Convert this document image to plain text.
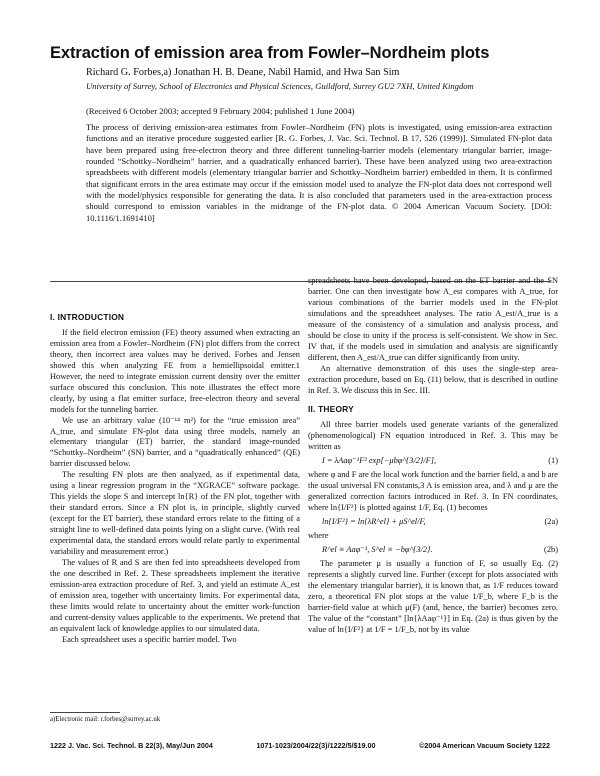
Extraction of emission area from Fowler–Nordheim plots
Richard G. Forbes,a) Jonathan H. B. Deane, Nabil Hamid, and Hwa San Sim
University of Surrey, School of Electronics and Physical Sciences, Guildford, Surrey GU2 7XH, United Kingdom
(Received 6 October 2003; accepted 9 February 2004; published 1 June 2004)
The process of deriving emission-area estimates from Fowler–Nordheim (FN) plots is investigated, using emission-area extraction functions and an iterative procedure suggested earlier [R. G. Forbes, J. Vac. Sci. Technol. B 17, 526 (1999)]. Simulated FN-plot data have been prepared using free-electron theory and three different tunneling-barrier models (elementary triangular barrier, image-rounded “Schottky–Nordheim” barrier, and a quadratically enhanced barrier). These have been analyzed using two area-extraction spreadsheets with different models (elementary triangular barrier and Schottky–Nordheim barrier) embedded in them. It is confirmed that significant errors in the area estimate may occur if the emission model used to analyze the FN-plot data does not correspond well with the model/physics responsible for generating the data. It is also concluded that parameters used in the area-extraction process should correspond to emission variables in the midrange of the FN-plot data. © 2004 American Vacuum Society. [DOI: 10.1116/1.1691410]
I. INTRODUCTION

If the field electron emission (FE) theory assumed when extracting an emission area from a Fowler–Nordheim (FN) plot differs from the correct theory, then incorrect area values may be derived. Forbes and Jensen showed this when analyzing FE from a hemiellipsoidal emitter.1 However, the need to integrate emission current density over the emitter surface obscured this conclusion. This note illustrates the effect more clearly, by using a flat emitter surface, free-electron theory and several models for the tunneling barrier.

We use an arbitrary value (10⁻¹⁴ m²) for the “true emission area” A_true, and simulate FN-plot data using three models, namely an elementary triangular (ET) barrier, the standard image-rounded “Schottky–Nordheim” (SN) barrier, and a “quadratically enhanced” (QE) barrier discussed below.

The resulting FN plots are then analyzed, as if experimental data, using a linear regression program in the “XGRACE” software package. This yields the slope S and intercept ln{R} of the FN plot, together with their standard errors. Since a FN plot is, in principle, slightly curved (except for the ET barrier), these standard errors relate to the fitting of a straight line to well-defined data points lying on a slight curve. (With real experimental data, the standard errors would relate partly to experimental variability and measurement error.)

The values of R and S are then fed into spreadsheets developed from the one described in Ref. 2. These spreadsheets implement the iterative emission-area extraction procedure of Ref. 3, and yield an estimate A_est of emission area, together with uncertainty limits. For experimental data, these limits would relate to uncertainty about the emitter work-function and current-density values applicable to the experiments. We pretend that an equivalent lack of knowledge applies to our simulated data.

Each spreadsheet uses a specific barrier model. Two

spreadsheets have been developed, based on the ET barrier and the SN barrier. One can then investigate how A_est compares with A_true, for various combinations of the barrier models used in the FN-plot simulations and the spreadsheet analyses. The ratio A_est/A_true is a measure of the consistency of a simulation and analysis process, and should be close to unity if the process is self-consistent. We show in Sec. IV that, if the models used in simulation and analysis are significantly different, then A_est/A_true can differ significantly from unity.

An alternative demonstration of this uses the single-step area-extraction procedure, based on Eq. (11) below, that is described in outline in Ref. 3. We discuss this in Sec. III.

II. THEORY

All three barrier models used generate variants of the generalized (phenomenological) FN equation introduced in Ref. 3. This may be written as

I = λAaφ⁻¹F² exp[−μbφ^{3/2}/F],	(1)

where φ and F are the local work function and the barrier field, a and b are the usual universal FN constants,3 A is emission area, and λ and μ are the generalized correction factors introduced in Ref. 3. In FN coordinates, where ln{I/F²} is plotted against 1/F, Eq. (1) becomes

ln{I/F²} = ln{λR^el} + μS^el/F,	(2a)

where

R^el ≡ Aaφ⁻¹, S^el ≡ −bφ^{3/2}.	(2b)

The parameter μ is usually a function of F, so usually Eq. (2) represents a slightly curved line. Further (except for plots associated with the elementary triangular barrier), it is known that, as 1/F reduces toward zero, a theoretical FN plot stops at the value 1/F_b, where F_b is the barrier-field value at which μ(F) (and, hence, the barrier) becomes zero. The value of the “constant” [ln{λAaφ⁻¹}] in Eq. (2a) is thus given by the value of ln{I/F²} at 1/F = 1/F_b, not by its value

a)Electronic mail: r.forbes@surrey.ac.uk
1222 J. Vac. Sci. Technol. B 22(3), May/Jun 2004	1071-1023/2004/22(3)/1222/5/$19.00	©2004 American Vacuum Society 1222
